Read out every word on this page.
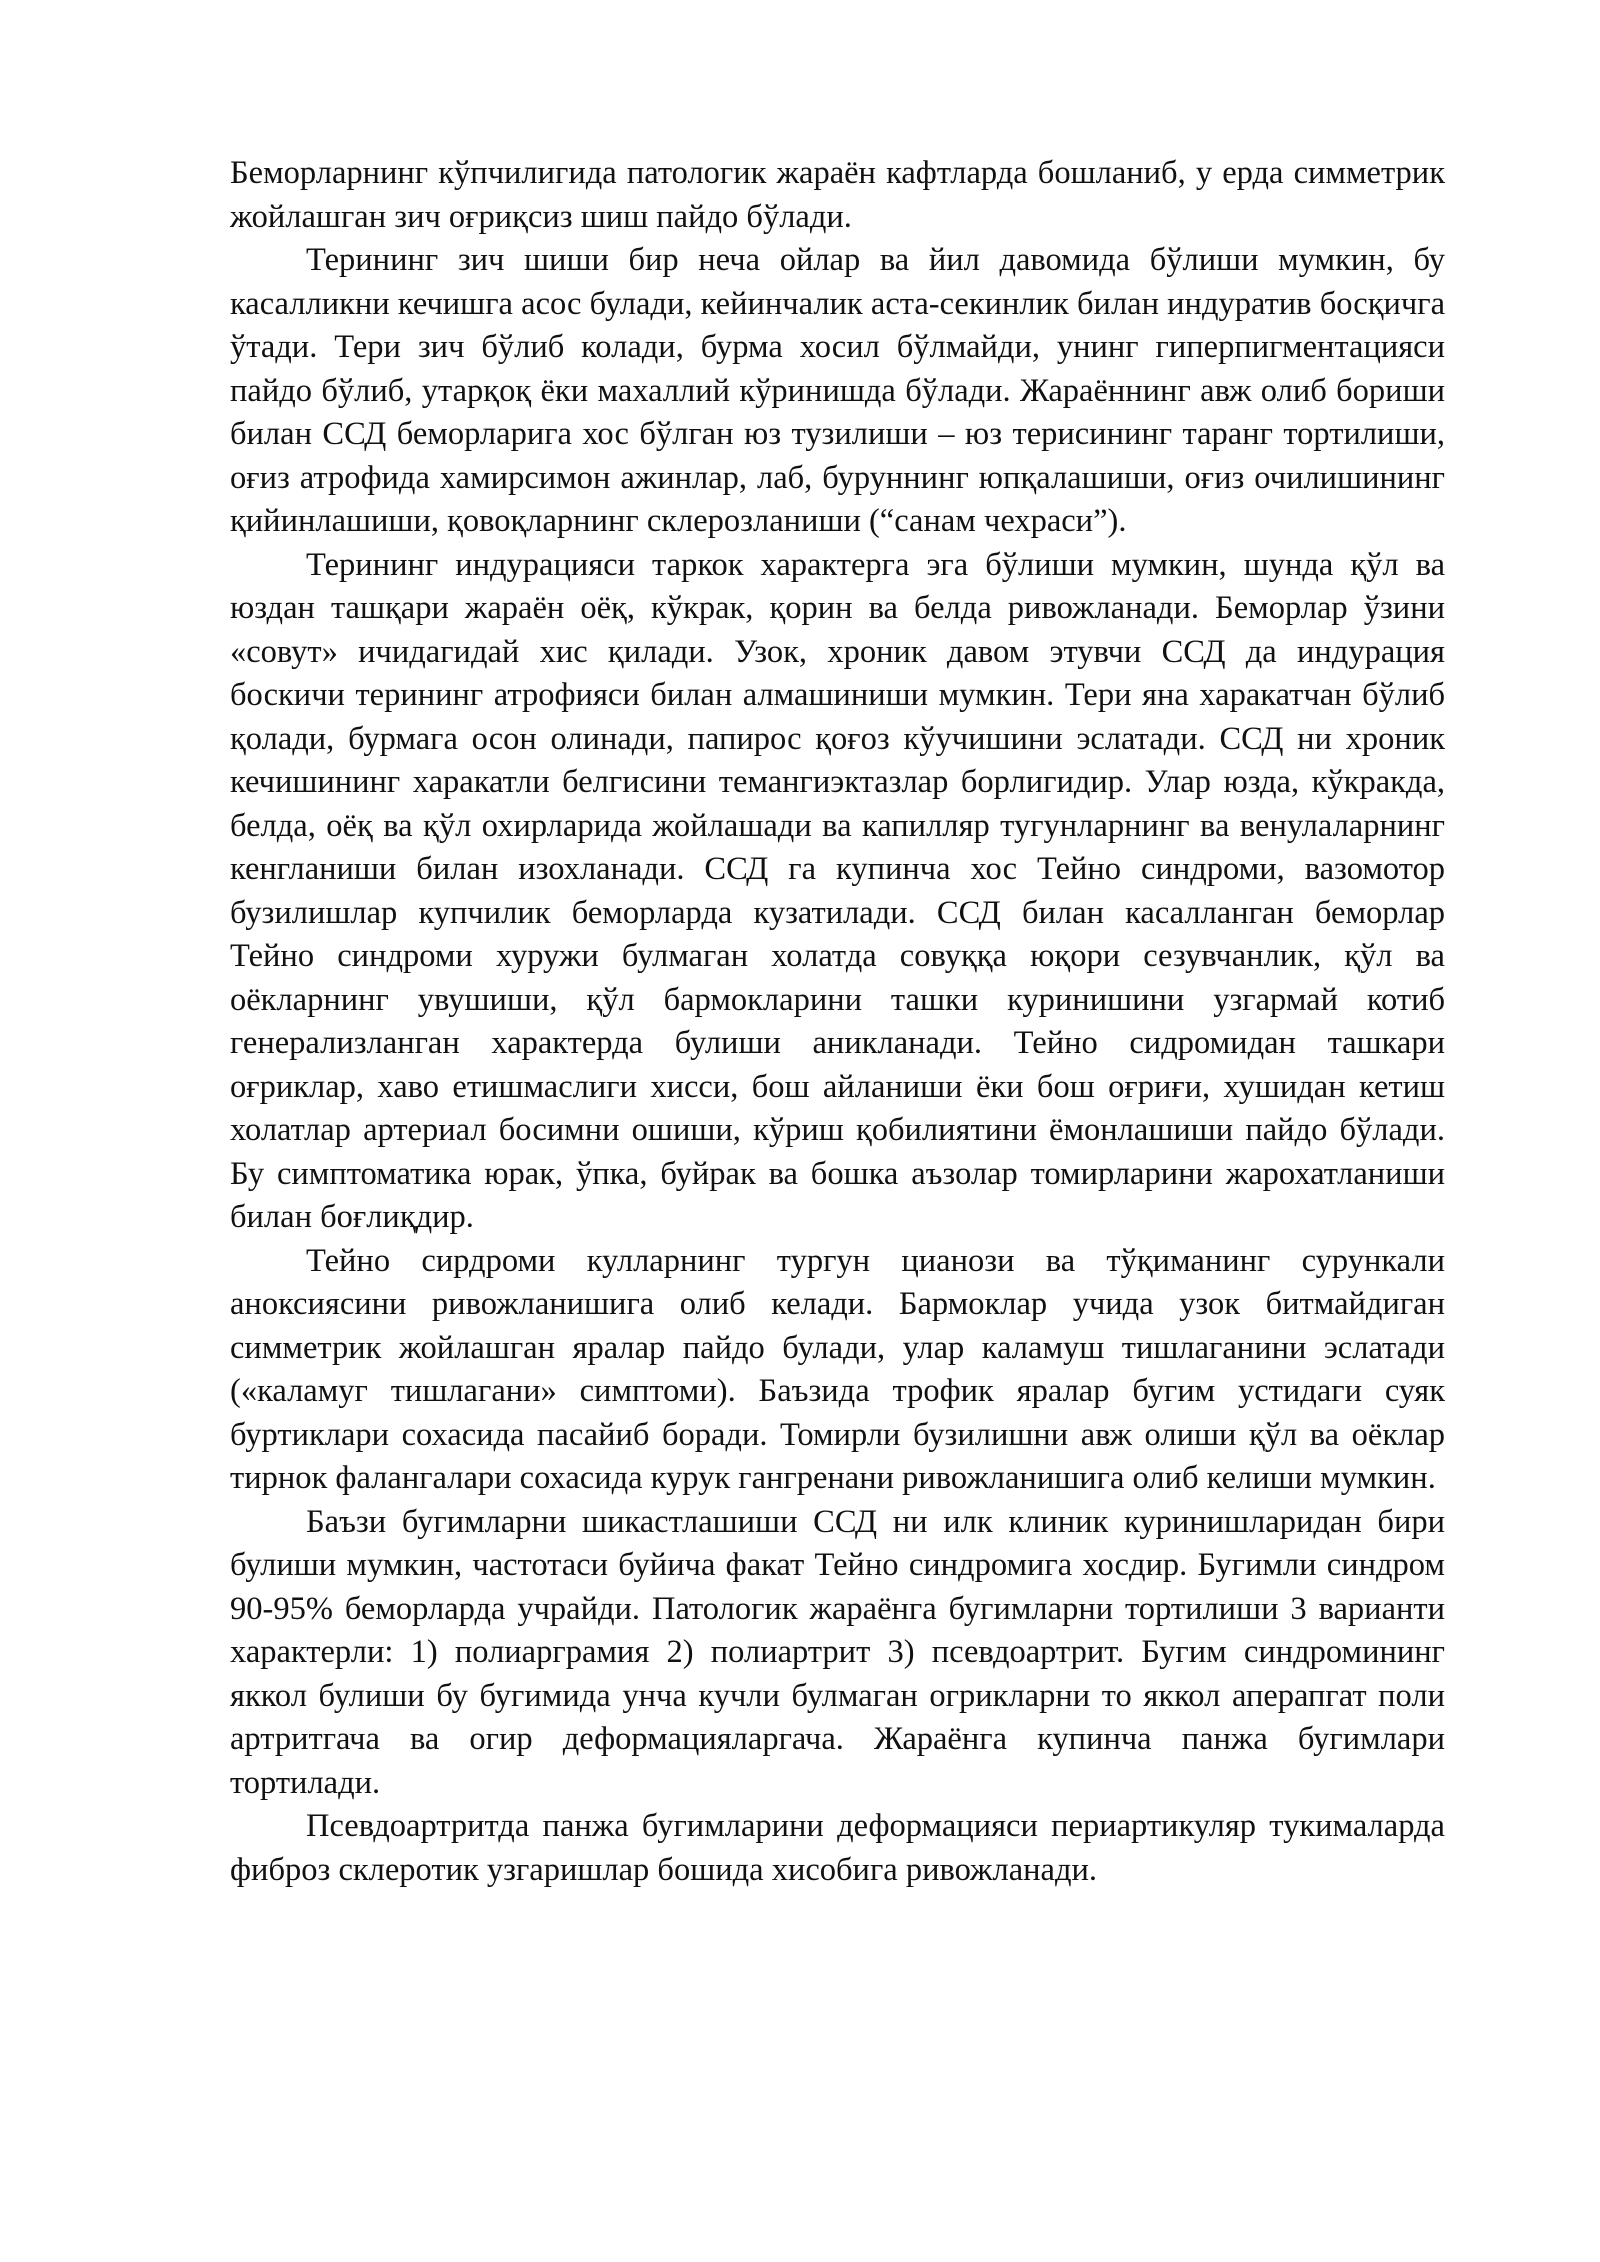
Беморларнинг кўпчилигида патологик жараён кафтларда бошланиб, у ерда симметрик жойлашган зич оғриқсиз шиш пайдо бўлади.

Терининг зич шиши бир неча ойлар ва йил давомида бўлиши мумкин, бу касалликни кечишга асос булади, кейинчалик аста-секинлик билан индуратив босқичга ўтади. Тери зич бўлиб колади, бурма хосил бўлмайди, унинг гиперпигментацияси пайдо бўлиб, утарқоқ ёки махаллий кўринишда бўлади. Жараённинг авж олиб бориши билан ССД беморларига хос бўлган юз тузилиши – юз терисининг таранг тортилиши, оғиз атрофида хамирсимон ажинлар, лаб, буруннинг юпқалашиши, оғиз очилишининг қийинлашиши, қовоқларнинг склерозланиши (“санам чехраси”).

Терининг индурацияси таркок характерга эга бўлиши мумкин, шунда қўл ва юздан ташқари жараён оёқ, кўкрак, қорин ва белда ривожланади. Беморлар ўзини «совут» ичидагидай хис қилади. Узок, хроник давом этувчи ССД да индурация боскичи терининг атрофияси билан алмашиниши мумкин. Тери яна харакатчан бўлиб қолади, бурмага осон олинади, папирос қоғоз кўучишини эслатади. ССД ни хроник кечишининг харакатли белгисини темангиэктазлар борлигидир. Улар юзда, кўкракда, белда, оёқ ва қўл охирларида жойлашади ва капилляр тугунларнинг ва венулаларнинг кенгланиши билан изохланади. ССД га купинча хос Тейно синдроми, вазомотор бузилишлар купчилик беморларда кузатилади. ССД билан касалланган беморлар Тейно синдроми хуружи булмаган холатда совуққа юқори сезувчанлик, қўл ва оёкларнинг увушиши, қўл бармокларини ташки куринишини узгармай котиб генерализланган характерда булиши аникланади. Тейно сидромидан ташкари оғриклар, хаво етишмаслиги хисси, бош айланиши ёки бош оғриғи, хушидан кетиш холатлар артериал босимни ошиши, кўриш қобилиятини ёмонлашиши пайдо бўлади. Бу симптоматика юрак, ўпка, буйрак ва бошка аъзолар томирларини жарохатланиши билан боғлиқдир.

Тейно сирдроми кулларнинг тургун цианози ва тўқиманинг сурункали аноксиясини ривожланишига олиб келади. Бармоклар учида узок битмайдиган симметрик жойлашган яралар пайдо булади, улар каламуш тишлаганини эслатади («каламуг тишлагани» симптоми). Баъзида трофик яралар бугим устидаги суяк буртиклари сохасида пасайиб боради. Томирли бузилишни авж олиши қўл ва оёклар тирнок фалангалари сохасида курук гангренани ривожланишига олиб келиши мумкин.

Баъзи бугимларни шикастлашиши ССД ни илк клиник куринишларидан бири булиши мумкин, частотаси буйича факат Тейно синдромига хосдир. Бугимли синдром 90-95% беморларда учрайди. Патологик жараёнга бугимларни тортилиши 3 варианти характерли: 1) полиарграмия 2) полиартрит 3) псевдоартрит. Бугим синдромининг яккол булиши бу бугимида унча кучли булмаган огрикларни то яккол аперапгат поли артритгача ва огир деформацияларгача. Жараёнга купинча панжа бугимлари тортилади.

Псевдоартритда панжа бугимларини деформацияси периартикуляр тукималарда фиброз склеротик узгаришлар бошида хисобига ривожланади.
